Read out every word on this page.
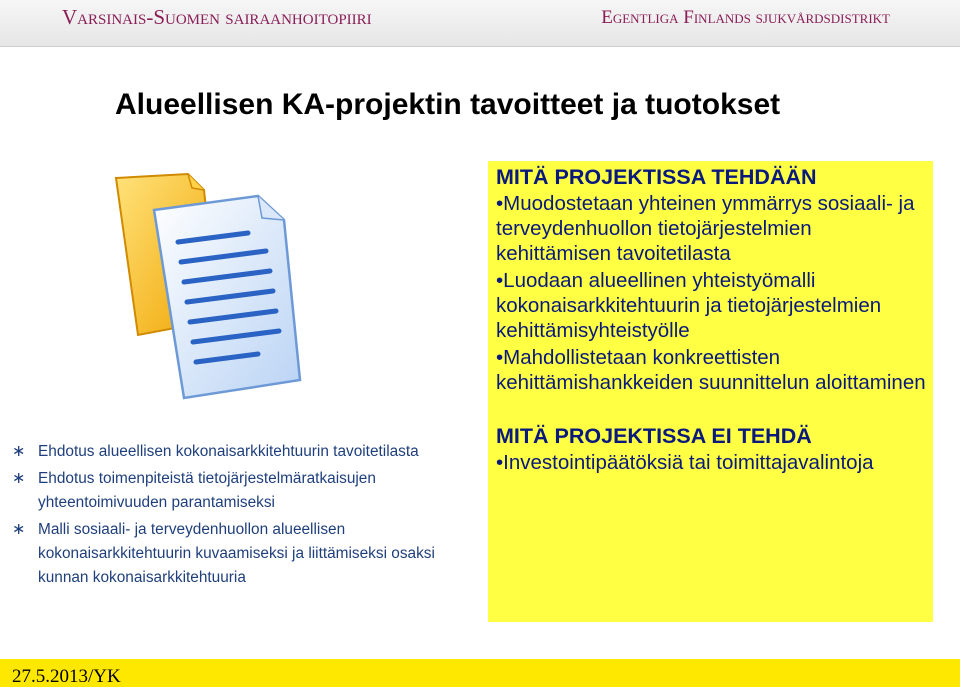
Varsinais-Suomen sairaanhoitopiiri	Egentliga Finlands sjukvårdsdistrikt
Alueellisen KA-projektin tavoitteet ja tuotokset
∗ Ehdotus alueellisen kokonaisarkkitehtuurin tavoitetilasta
∗ Ehdotus toimenpiteistä tietojärjestelmäratkaisujen yhteentoimivuuden parantamiseksi
∗ Malli sosiaali- ja terveydenhuollon alueellisen kokonaisarkkitehtuurin kuvaamiseksi ja liittämiseksi osaksi kunnan kokonaisarkkitehtuuria
MITÄ PROJEKTISSA TEHDÄÄN
•Muodostetaan yhteinen ymmärrys sosiaali- ja terveydenhuollon tietojärjestelmien kehittämisen tavoitetilasta
•Luodaan alueellinen yhteistyömalli kokonaisarkkitehtuurin ja tietojärjestelmien kehittämisyhteistyölle
•Mahdollistetaan konkreettisten kehittämishankkeiden suunnittelun aloittaminen
MITÄ PROJEKTISSA EI TEHDÄ
•Investointipäätöksiä tai toimittajavalintoja
27.5.2013/YK
